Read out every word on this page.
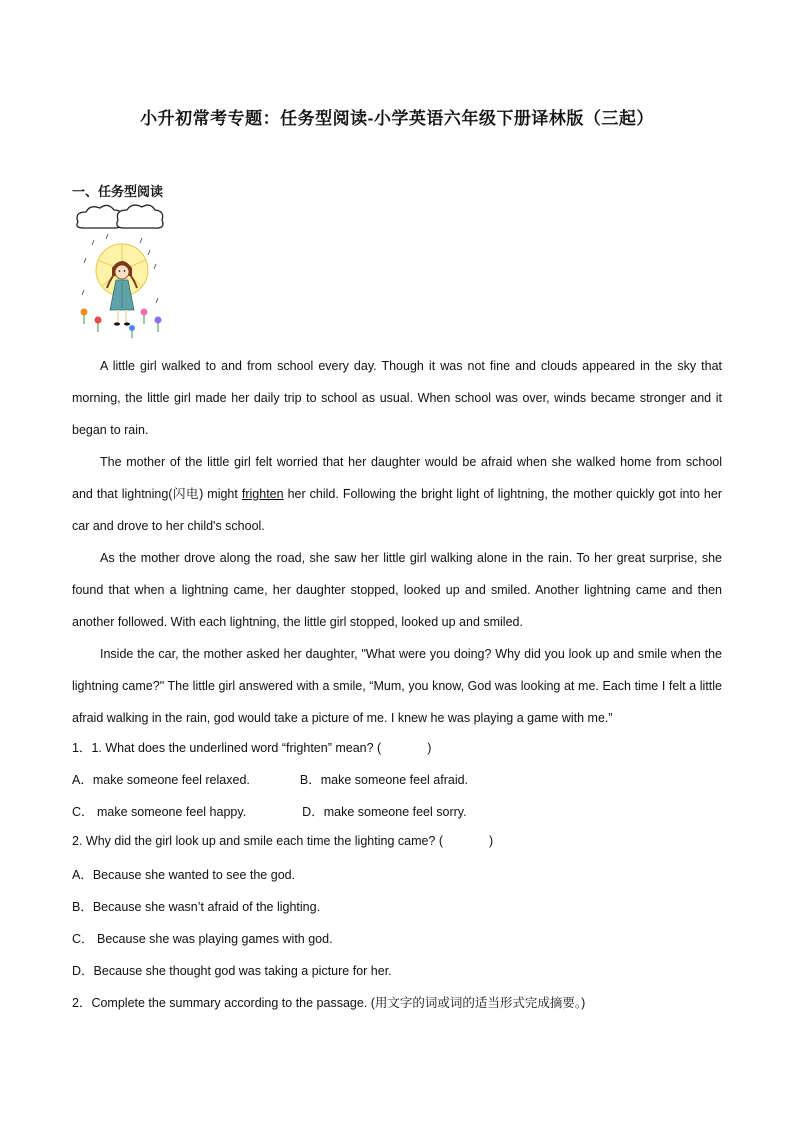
小升初常考专题：任务型阅读-小学英语六年级下册译林版（三起）
一、任务型阅读

A little girl walked to and from school every day. Though it was not fine and clouds appeared in the sky that morning, the little girl made her daily trip to school as usual. When school was over, winds became stronger and it began to rain.

The mother of the little girl felt worried that her daughter would be afraid when she walked home from school and that lightning(闪电) might frighten her child. Following the bright light of lightning, the mother quickly got into her car and drove to her child's school.

As the mother drove along the road, she saw her little girl walking alone in the rain. To her great surprise, she found that when a lightning came, her daughter stopped, looked up and smiled. Another lightning came and then another followed. With each lightning, the little girl stopped, looked up and smiled.

Inside the car, the mother asked her daughter, "What were you doing? Why did you look up and smile when the lightning came?" The little girl answered with a smile, “Mum, you know, God was looking at me. Each time I felt a little afraid walking in the rain, god would take a picture of me. I knew he was playing a game with me.”

1．1. What does the underlined word “frighten” mean? (	)
A．make someone feel relaxed.	B．make someone feel afraid.
C． make someone feel happy.	D．make someone feel sorry.
2. Why did the girl look up and smile each time the lighting came? (	)
A．Because she wanted to see the god.
B．Because she wasn’t afraid of the lighting.
C． Because she was playing games with god.
D．Because she thought god was taking a picture for her.
2．Complete the summary according to the passage. (用文字的词或词的适当形式完成摘要。)
